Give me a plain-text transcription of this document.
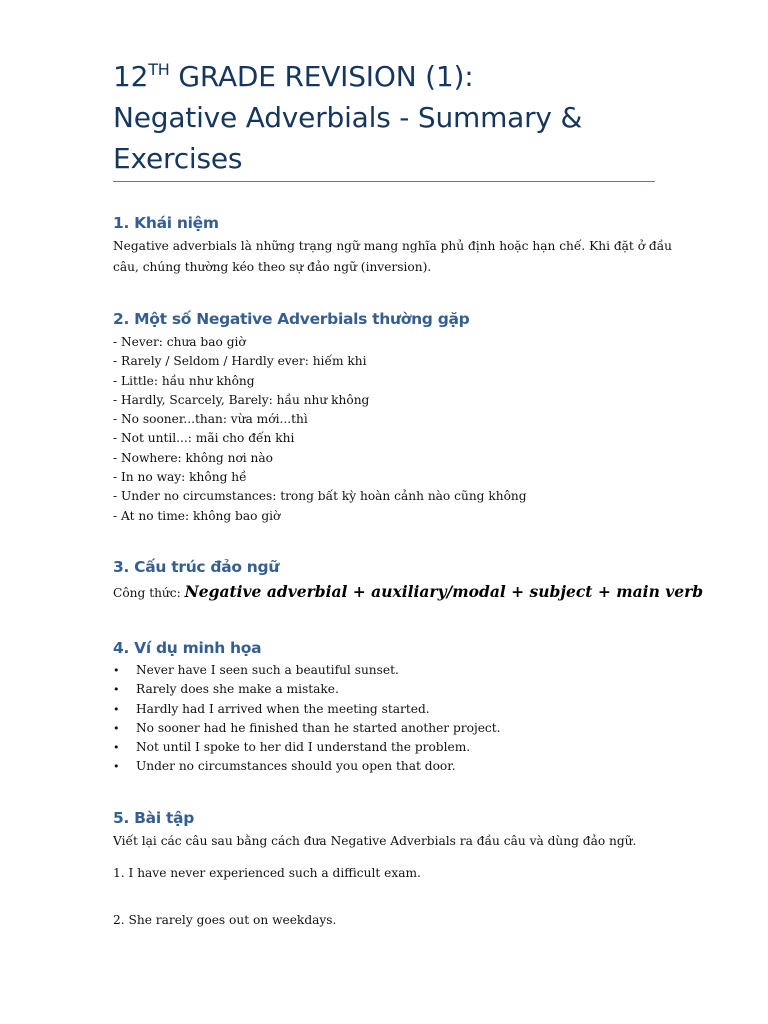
12TH GRADE REVISION (1):
Negative Adverbials - Summary &
Exercises
1. Khái niệm

Negative adverbials là những trạng ngữ mang nghĩa phủ định hoặc hạn chế. Khi đặt ở đầu

câu, chúng thường kéo theo sự đảo ngữ (inversion).

2. Một số Negative Adverbials thường gặp

- Never: chưa bao giờ

- Rarely / Seldom / Hardly ever: hiếm khi

- Little: hầu như không

- Hardly, Scarcely, Barely: hầu như không

- No sooner...than: vừa mới...thì

- Not until...: mãi cho đến khi

- Nowhere: không nơi nào

- In no way: không hề

- Under no circumstances: trong bất kỳ hoàn cảnh nào cũng không

- At no time: không bao giờ

3. Cấu trúc đảo ngữ

Công thức: Negative adverbial + auxiliary/modal + subject + main verb

4. Ví dụ minh họa
• Never have I seen such a beautiful sunset.
• Rarely does she make a mistake.
• Hardly had I arrived when the meeting started.
• No sooner had he finished than he started another project.
• Not until I spoke to her did I understand the problem.
• Under no circumstances should you open that door.
5. Bài tập

Viết lại các câu sau bằng cách đưa Negative Adverbials ra đầu câu và dùng đảo ngữ.

1. I have never experienced such a difficult exam.

2. She rarely goes out on weekdays.
